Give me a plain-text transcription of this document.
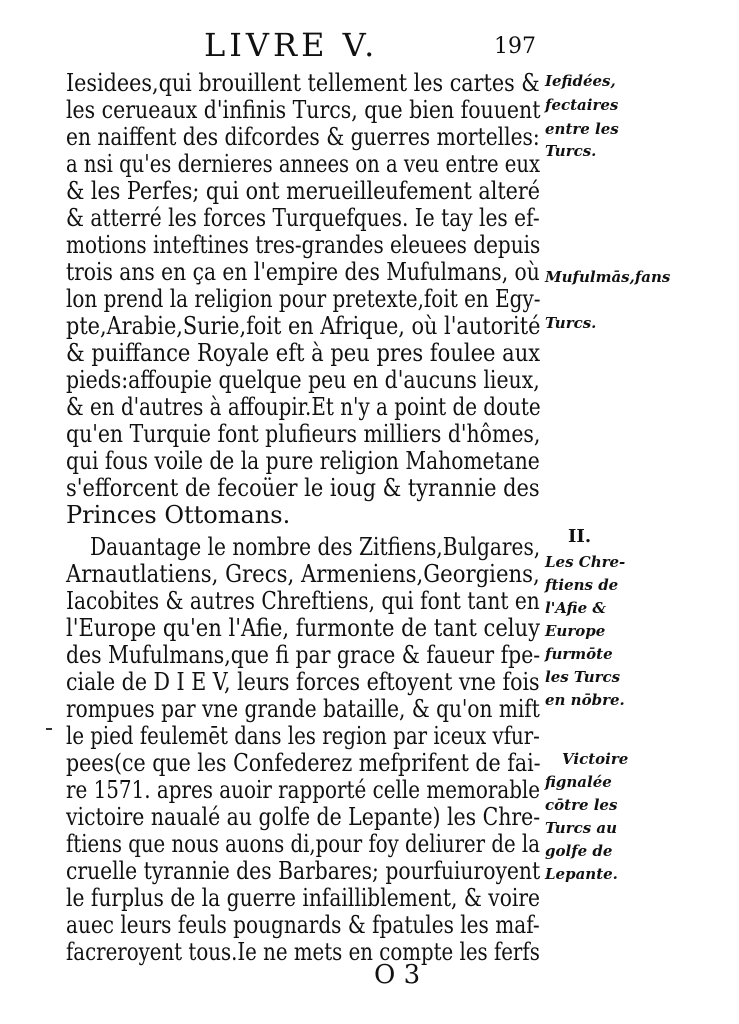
LIVRE V.	197
Iesidees,qui brouillent tellement les cartes &
les cerueaux d'infinis Turcs, que bien fouuent
en naiffent des difcordes & guerres mortelles:
a nsi qu'es dernieres annees on a veu entre eux
& les Perfes; qui ont merueilleufement alteré
& atterré les forces Turquefques. Ie tay les ef-
motions inteftines tres-grandes eleuees depuis
trois ans en ça en l'empire des Mufulmans, où
lon prend la religion pour pretexte,foit en Egy-
pte,Arabie,Surie,foit en Afrique, où l'autorité
& puiffance Royale eft à peu pres foulee aux
pieds:affoupie quelque peu en d'aucuns lieux,
& en d'autres à affoupir.Et n'y a point de doute
qu'en Turquie font plufieurs milliers d'hômes,
qui fous voile de la pure religion Mahometane
s'efforcent de fecoüer le ioug & tyrannie des
Princes Ottomans.
Dauantage le nombre des Zitfiens,Bulgares,
Arnautlatiens, Grecs, Armeniens,Georgiens,
Iacobites & autres Chreftiens, qui font tant en
l'Europe qu'en l'Afie, furmonte de tant celuy
des Mufulmans,que fi par grace & faueur fpe-
ciale de D I E V, leurs forces eftoyent vne fois
rompues par vne grande bataille, & qu'on mift
le pied feulemēt dans les region par iceux vfur-
pees(ce que les Confederez mefprifent de fai-
re 1571. apres auoir rapporté celle memorable
victoire naualé au golfe de Lepante) les Chre-
ftiens que nous auons di,pour foy deliurer de la
cruelle tyrannie des Barbares; pourfuiuroyent
le furplus de la guerre infailliblement, & voire
auec leurs feuls pougnards & fpatules les maf-
facreroyent tous.Ie ne mets en compte les ferfs
Iefidées,
fectaires
entre les
Turcs.
Mufulmās,fans
Turcs.
II.
Les Chre-
ftiens de
l'Afie &
Europe
furmōte
les Turcs
en nōbre.
Victoire
fignalée
cōtre les
Turcs au
golfe de
Lepante.
O 3
